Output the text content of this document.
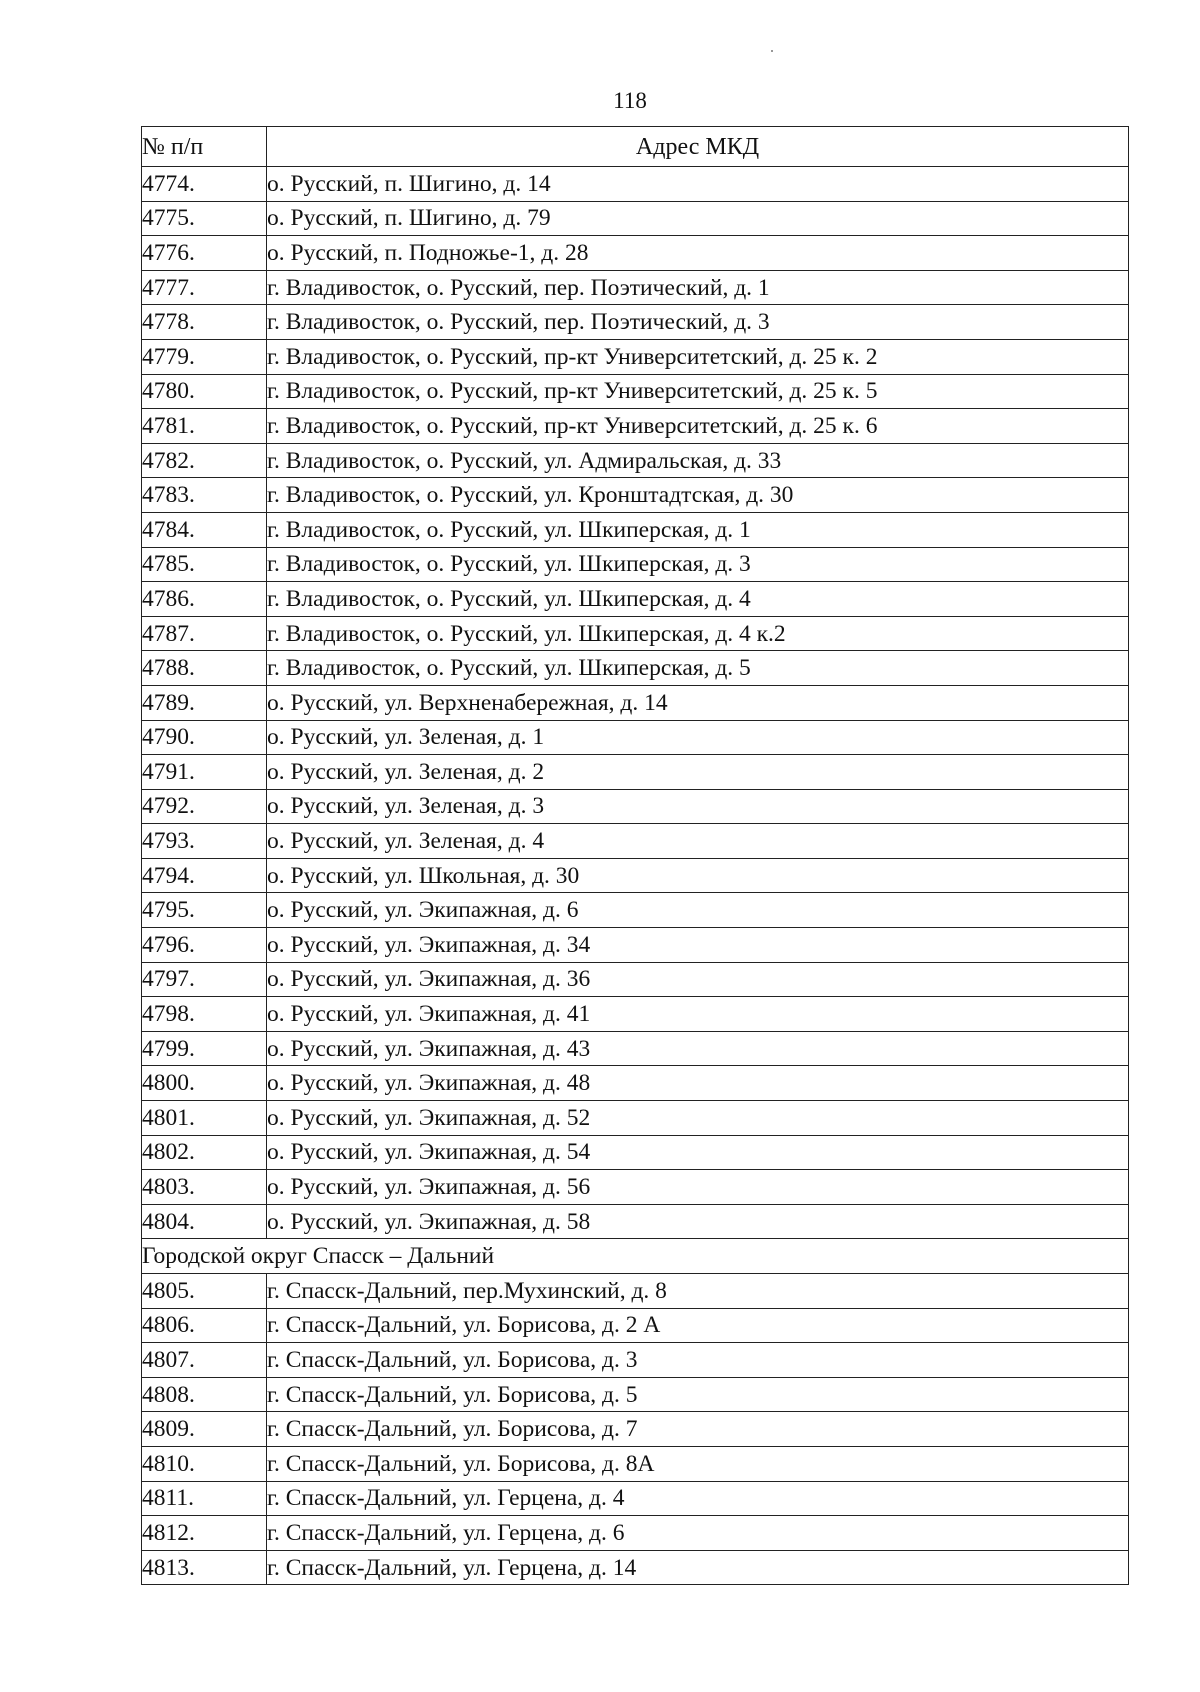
118
№ п/п	Адрес МКД
4774.	о. Русский, п. Шигино, д. 14
4775.	о. Русский, п. Шигино, д. 79
4776.	о. Русский, п. Подножье-1, д. 28
4777.	г. Владивосток, о. Русский, пер. Поэтический, д. 1
4778.	г. Владивосток, о. Русский, пер. Поэтический, д. 3
4779.	г. Владивосток, о. Русский, пр-кт Университетский, д. 25 к. 2
4780.	г. Владивосток, о. Русский, пр-кт Университетский, д. 25 к. 5
4781.	г. Владивосток, о. Русский, пр-кт Университетский, д. 25 к. 6
4782.	г. Владивосток, о. Русский, ул. Адмиральская, д. 33
4783.	г. Владивосток, о. Русский, ул. Кронштадтская, д. 30
4784.	г. Владивосток, о. Русский, ул. Шкиперская, д. 1
4785.	г. Владивосток, о. Русский, ул. Шкиперская, д. 3
4786.	г. Владивосток, о. Русский, ул. Шкиперская, д. 4
4787.	г. Владивосток, о. Русский, ул. Шкиперская, д. 4 к.2
4788.	г. Владивосток, о. Русский, ул. Шкиперская, д. 5
4789.	о. Русский, ул. Верхненабережная, д. 14
4790.	о. Русский, ул. Зеленая, д. 1
4791.	о. Русский, ул. Зеленая, д. 2
4792.	о. Русский, ул. Зеленая, д. 3
4793.	о. Русский, ул. Зеленая, д. 4
4794.	о. Русский, ул. Школьная, д. 30
4795.	о. Русский, ул. Экипажная, д. 6
4796.	о. Русский, ул. Экипажная, д. 34
4797.	о. Русский, ул. Экипажная, д. 36
4798.	о. Русский, ул. Экипажная, д. 41
4799.	о. Русский, ул. Экипажная, д. 43
4800.	о. Русский, ул. Экипажная, д. 48
4801.	о. Русский, ул. Экипажная, д. 52
4802.	о. Русский, ул. Экипажная, д. 54
4803.	о. Русский, ул. Экипажная, д. 56
4804.	о. Русский, ул. Экипажная, д. 58
Городской округ Спасск – Дальний	
4805.	г. Спасск-Дальний, пер.Мухинский, д. 8
4806.	г. Спасск-Дальний, ул. Борисова, д. 2 А
4807.	г. Спасск-Дальний, ул. Борисова, д. 3
4808.	г. Спасск-Дальний, ул. Борисова, д. 5
4809.	г. Спасск-Дальний, ул. Борисова, д. 7
4810.	г. Спасск-Дальний, ул. Борисова, д. 8А
4811.	г. Спасск-Дальний, ул. Герцена, д. 4
4812.	г. Спасск-Дальний, ул. Герцена, д. 6
4813.	г. Спасск-Дальний, ул. Герцена, д. 14
